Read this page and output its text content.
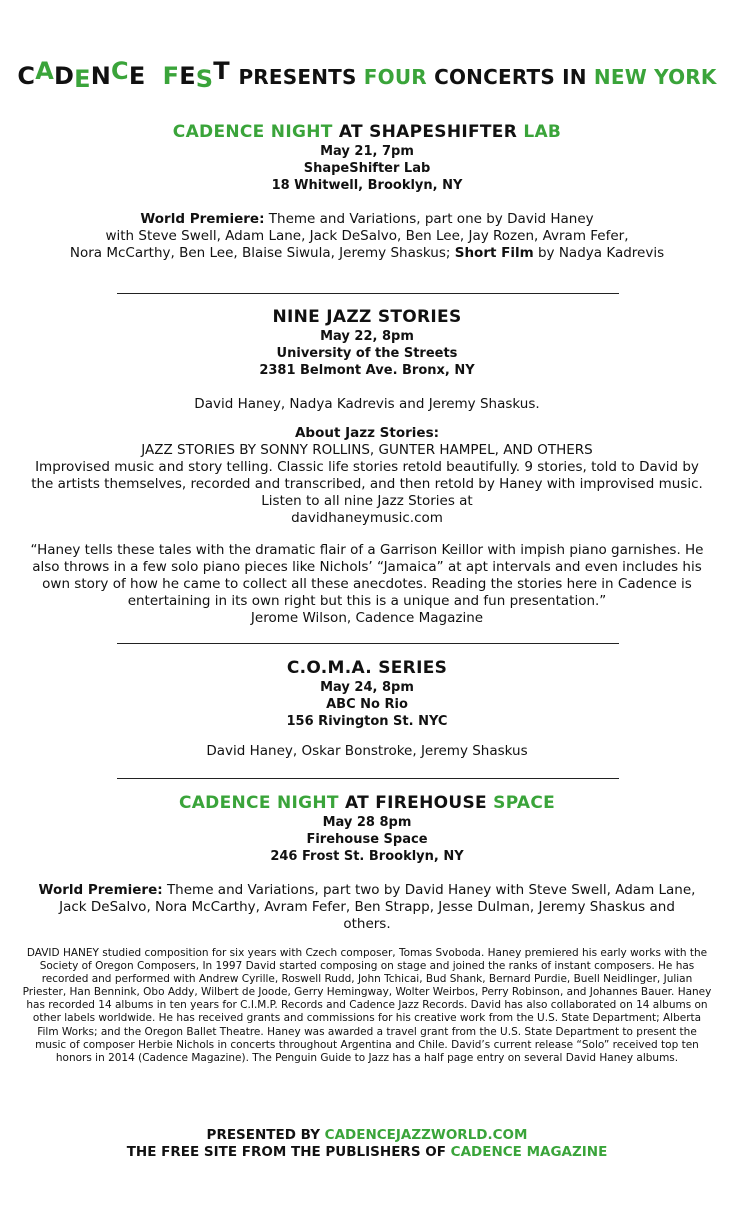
CADENCE FEST PRESENTS FOUR CONCERTS IN NEW YORK
CADENCE NIGHT AT SHAPESHIFTER LAB
May 21, 7pm
ShapeShifter Lab
18 Whitwell, Brooklyn, NY
World Premiere: Theme and Variations, part one by David Haney
with Steve Swell, Adam Lane, Jack DeSalvo, Ben Lee, Jay Rozen, Avram Fefer,
Nora McCarthy, Ben Lee, Blaise Siwula, Jeremy Shaskus; Short Film by Nadya Kadrevis
NINE JAZZ STORIES
May 22, 8pm
University of the Streets
2381 Belmont Ave. Bronx, NY
David Haney, Nadya Kadrevis and Jeremy Shaskus.
About Jazz Stories:
JAZZ STORIES BY SONNY ROLLINS, GUNTER HAMPEL, AND OTHERS
Improvised music and story telling. Classic life stories retold beautifully. 9 stories, told to David by the artists themselves, recorded and transcribed, and then retold by Haney with improvised music.
Listen to all nine Jazz Stories at
davidhaneymusic.com
“Haney tells these tales with the dramatic flair of a Garrison Keillor with impish piano garnishes. He also throws in a few solo piano pieces like Nichols’ “Jamaica” at apt intervals and even includes his own story of how he came to collect all these anecdotes. Reading the stories here in Cadence is entertaining in its own right but this is a unique and fun presentation.”
Jerome Wilson, Cadence Magazine
C.O.M.A. SERIES
May 24, 8pm
ABC No Rio
156 Rivington St. NYC
David Haney, Oskar Bonstroke, Jeremy Shaskus
CADENCE NIGHT AT FIREHOUSE SPACE
May 28 8pm
Firehouse Space
246 Frost St. Brooklyn, NY
World Premiere: Theme and Variations, part two by David Haney with Steve Swell, Adam Lane, Jack DeSalvo, Nora McCarthy, Avram Fefer, Ben Strapp, Jesse Dulman, Jeremy Shaskus and others.
DAVID HANEY studied composition for six years with Czech composer, Tomas Svoboda. Haney premiered his early works with the Society of Oregon Composers, In 1997 David started composing on stage and joined the ranks of instant composers. He has recorded and performed with Andrew Cyrille, Roswell Rudd, John Tchicai, Bud Shank, Bernard Purdie, Buell Neidlinger, Julian Priester, Han Bennink, Obo Addy, Wilbert de Joode, Gerry Hemingway, Wolter Weirbos, Perry Robinson, and Johannes Bauer. Haney has recorded 14 albums in ten years for C.I.M.P. Records and Cadence Jazz Records. David has also collaborated on 14 albums on other labels worldwide. He has received grants and commissions for his creative work from the U.S. State Department; Alberta Film Works; and the Oregon Ballet Theatre. Haney was awarded a travel grant from the U.S. State Department to present the music of composer Herbie Nichols in concerts throughout Argentina and Chile. David’s current release “Solo” received top ten honors in 2014 (Cadence Magazine). The Penguin Guide to Jazz has a half page entry on several David Haney albums.
PRESENTED BY CADENCEJAZZWORLD.COM
THE FREE SITE FROM THE PUBLISHERS OF CADENCE MAGAZINE
